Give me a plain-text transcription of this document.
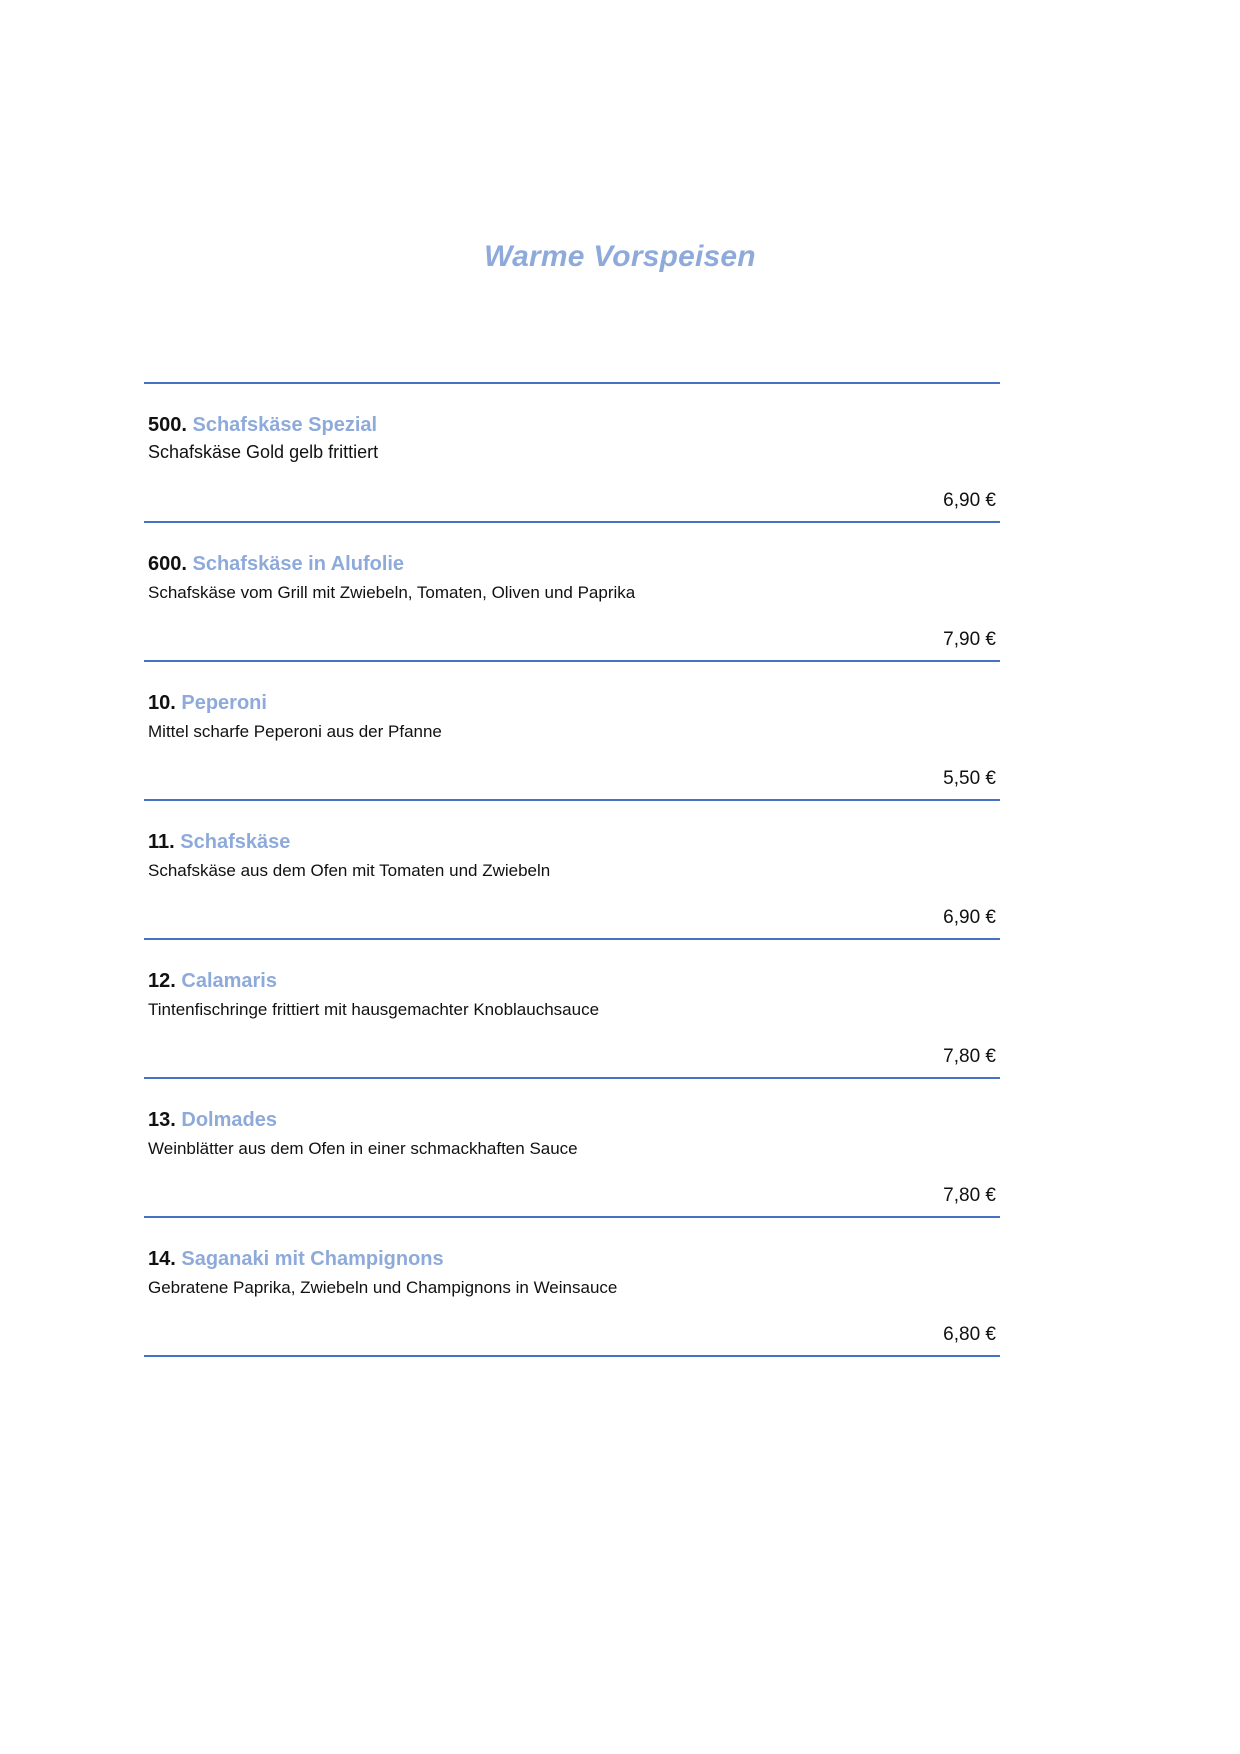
Warme Vorspeisen
500. Schafskäse Spezial
Schafskäse Gold gelb frittiert
6,90 €
600. Schafskäse in Alufolie
Schafskäse vom Grill mit Zwiebeln, Tomaten, Oliven und Paprika
7,90 €
10. Peperoni
Mittel scharfe Peperoni aus der Pfanne
5,50 €
11. Schafskäse
Schafskäse aus dem Ofen mit Tomaten und Zwiebeln
6,90 €
12. Calamaris
Tintenfischringe frittiert mit hausgemachter Knoblauchsauce
7,80 €
13. Dolmades
Weinblätter aus dem Ofen in einer schmackhaften Sauce
7,80 €
14. Saganaki mit Champignons
Gebratene Paprika, Zwiebeln und Champignons in Weinsauce
6,80 €
